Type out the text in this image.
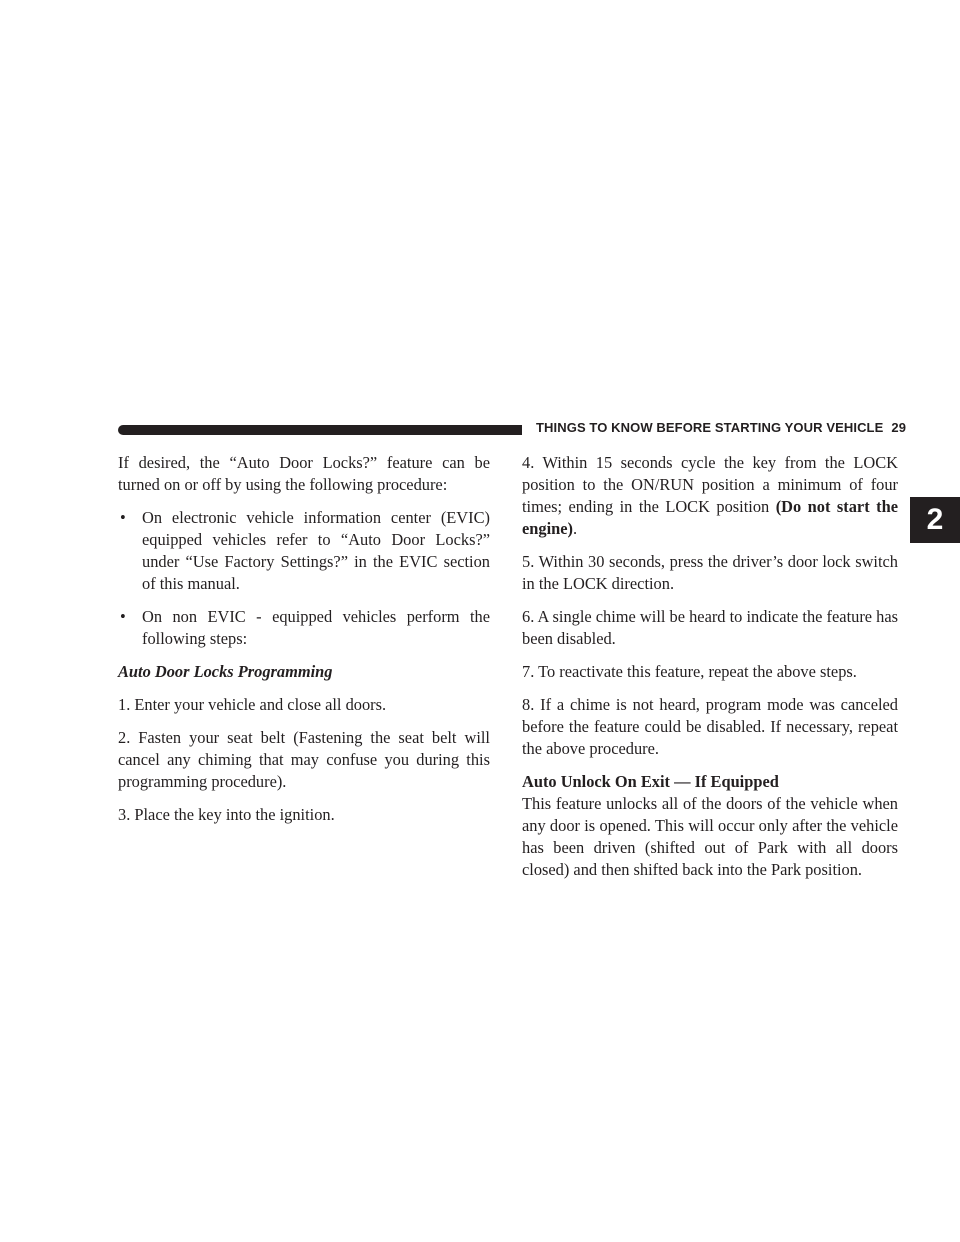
THINGS TO KNOW BEFORE STARTING YOUR VEHICLE 29
2

If desired, the “Auto Door Locks?” feature can be turned on or off by using the following procedure:

• On electronic vehicle information center (EVIC) equipped vehicles refer to “Auto Door Locks?” under “Use Factory Settings?” in the EVIC section of this manual.
• On non EVIC - equipped vehicles perform the following steps:
Auto Door Locks Programming

1. Enter your vehicle and close all doors.

2. Fasten your seat belt (Fastening the seat belt will cancel any chiming that may confuse you during this programming procedure).

3. Place the key into the ignition.

4. Within 15 seconds cycle the key from the LOCK position to the ON/RUN position a minimum of four times; ending in the LOCK position (Do not start the engine).

5. Within 30 seconds, press the driver’s door lock switch in the LOCK direction.

6. A single chime will be heard to indicate the feature has been disabled.

7. To reactivate this feature, repeat the above steps.

8. If a chime is not heard, program mode was canceled before the feature could be disabled. If necessary, repeat the above procedure.

Auto Unlock On Exit — If Equipped

This feature unlocks all of the doors of the vehicle when any door is opened. This will occur only after the vehicle has been driven (shifted out of Park with all doors closed) and then shifted back into the Park position.
